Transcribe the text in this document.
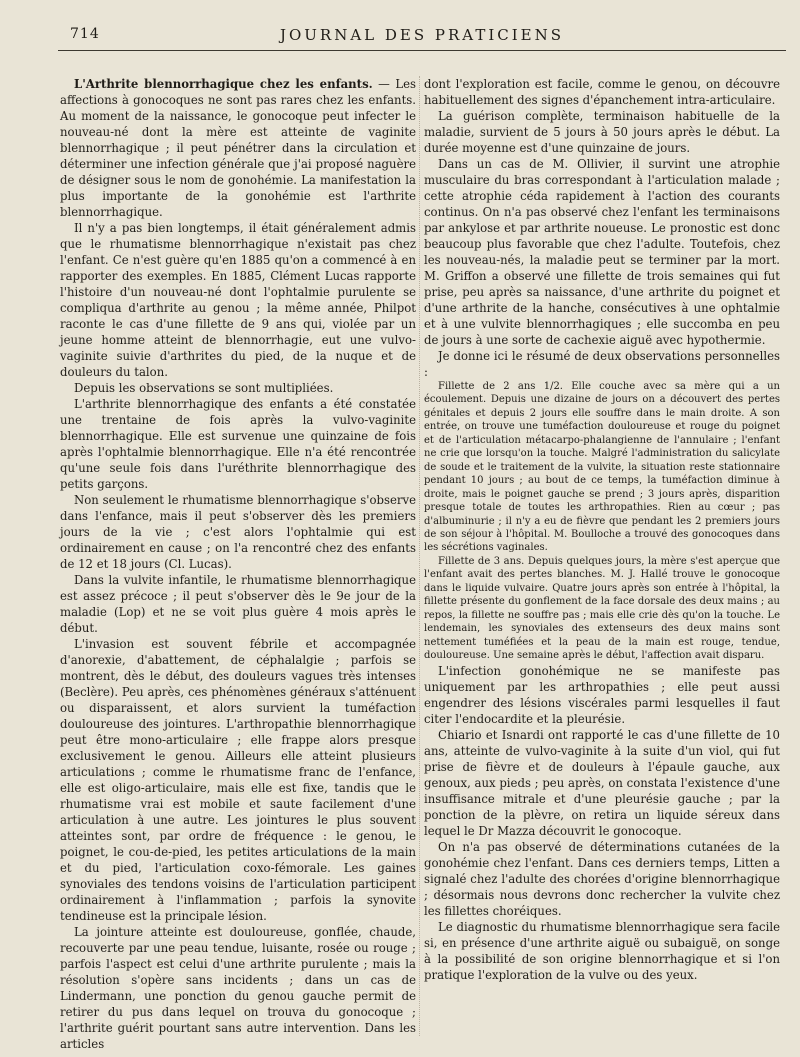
714	JOURNAL DES PRATICIENS

L'Arthrite blennorrhagique chez les enfants. — Les affections à gonocoques ne sont pas rares chez les enfants. Au moment de la naissance, le gonocoque peut infecter le nouveau-né dont la mère est atteinte de vaginite blennorrhagique ; il peut pénétrer dans la circulation et déterminer une infection générale que j'ai proposé naguère de désigner sous le nom de gonohémie. La manifestation la plus importante de la gonohémie est l'arthrite blennorrhagique.

Il n'y a pas bien longtemps, il était généralement admis que le rhumatisme blennorrhagique n'existait pas chez l'enfant. Ce n'est guère qu'en 1885 qu'on a commencé à en rapporter des exemples. En 1885, Clément Lucas rapporte l'histoire d'un nouveau-né dont l'ophtalmie purulente se compliqua d'arthrite au genou ; la même année, Philpot raconte le cas d'une fillette de 9 ans qui, violée par un jeune homme atteint de blennorrhagie, eut une vulvo-vaginite suivie d'arthrites du pied, de la nuque et de douleurs du talon.

Depuis les observations se sont multipliées.

L'arthrite blennorrhagique des enfants a été constatée une trentaine de fois après la vulvo-vaginite blennorrhagique. Elle est survenue une quinzaine de fois après l'ophtalmie blennorrhagique. Elle n'a été rencontrée qu'une seule fois dans l'uréthrite blennorrhagique des petits garçons.

Non seulement le rhumatisme blennorrhagique s'observe dans l'enfance, mais il peut s'observer dès les premiers jours de la vie ; c'est alors l'ophtalmie qui est ordinairement en cause ; on l'a rencontré chez des enfants de 12 et 18 jours (Cl. Lucas).

Dans la vulvite infantile, le rhumatisme blennorrhagique est assez précoce ; il peut s'observer dès le 9e jour de la maladie (Lop) et ne se voit plus guère 4 mois après le début.

L'invasion est souvent fébrile et accompagnée d'anorexie, d'abattement, de céphalalgie ; parfois se montrent, dès le début, des douleurs vagues très intenses (Beclère). Peu après, ces phénomènes généraux s'atténuent ou disparaissent, et alors survient la tuméfaction douloureuse des jointures. L'arthropathie blennorrhagique peut être mono-articulaire ; elle frappe alors presque exclusivement le genou. Ailleurs elle atteint plusieurs articulations ; comme le rhumatisme franc de l'enfance, elle est oligo-articulaire, mais elle est fixe, tandis que le rhumatisme vrai est mobile et saute facilement d'une articulation à une autre. Les jointures le plus souvent atteintes sont, par ordre de fréquence : le genou, le poignet, le cou-de-pied, les petites articulations de la main et du pied, l'articulation coxo-fémorale. Les gaines synoviales des tendons voisins de l'articulation participent ordinairement à l'inflammation ; parfois la synovite tendineuse est la principale lésion.

La jointure atteinte est douloureuse, gonflée, chaude, recouverte par une peau tendue, luisante, rosée ou rouge ; parfois l'aspect est celui d'une arthrite purulente ; mais la résolution s'opère sans incidents ; dans un cas de Lindermann, une ponction du genou gauche permit de retirer du pus dans lequel on trouva du gonocoque ; l'arthrite guérit pourtant sans autre intervention. Dans les articles

dont l'exploration est facile, comme le genou, on découvre habituellement des signes d'épanchement intra-articulaire.

La guérison complète, terminaison habituelle de la maladie, survient de 5 jours à 50 jours après le début. La durée moyenne est d'une quinzaine de jours.

Dans un cas de M. Ollivier, il survint une atrophie musculaire du bras correspondant à l'articulation malade ; cette atrophie céda rapidement à l'action des courants continus. On n'a pas observé chez l'enfant les terminaisons par ankylose et par arthrite noueuse. Le pronostic est donc beaucoup plus favorable que chez l'adulte. Toutefois, chez les nouveau-nés, la maladie peut se terminer par la mort. M. Griffon a observé une fillette de trois semaines qui fut prise, peu après sa naissance, d'une arthrite du poignet et d'une arthrite de la hanche, consécutives à une ophtalmie et à une vulvite blennorrhagiques ; elle succomba en peu de jours à une sorte de cachexie aiguë avec hypothermie.

Je donne ici le résumé de deux observations personnelles :

Fillette de 2 ans 1/2. Elle couche avec sa mère qui a un écoulement. Depuis une dizaine de jours on a découvert des pertes génitales et depuis 2 jours elle souffre dans le main droite. A son entrée, on trouve une tuméfaction douloureuse et rouge du poignet et de l'articulation métacarpo-phalangienne de l'annulaire ; l'enfant ne crie que lorsqu'on la touche. Malgré l'administration du salicylate de soude et le traitement de la vulvite, la situation reste stationnaire pendant 10 jours ; au bout de ce temps, la tuméfaction diminue à droite, mais le poignet gauche se prend ; 3 jours après, disparition presque totale de toutes les arthropathies. Rien au cœur ; pas d'albuminurie ; il n'y a eu de fièvre que pendant les 2 premiers jours de son séjour à l'hôpital. M. Boulloche a trouvé des gonocoques dans les sécrétions vaginales.

Fillette de 3 ans. Depuis quelques jours, la mère s'est aperçue que l'enfant avait des pertes blanches. M. J. Hallé trouve le gonocoque dans le liquide vulvaire. Quatre jours après son entrée à l'hôpital, la fillette présente du gonflement de la face dorsale des deux mains ; au repos, la fillette ne souffre pas ; mais elle crie dès qu'on la touche. Le lendemain, les synoviales des extenseurs des deux mains sont nettement tuméfiées et la peau de la main est rouge, tendue, douloureuse. Une semaine après le début, l'affection avait disparu.

L'infection gonohémique ne se manifeste pas uniquement par les arthropathies ; elle peut aussi engendrer des lésions viscérales parmi lesquelles il faut citer l'endocardite et la pleurésie.

Chiario et Isnardi ont rapporté le cas d'une fillette de 10 ans, atteinte de vulvo-vaginite à la suite d'un viol, qui fut prise de fièvre et de douleurs à l'épaule gauche, aux genoux, aux pieds ; peu après, on constata l'existence d'une insuffisance mitrale et d'une pleurésie gauche ; par la ponction de la plèvre, on retira un liquide séreux dans lequel le Dr Mazza découvrit le gonocoque.

On n'a pas observé de déterminations cutanées de la gonohémie chez l'enfant. Dans ces derniers temps, Litten a signalé chez l'adulte des chorées d'origine blennorrhagique ; désormais nous devrons donc rechercher la vulvite chez les fillettes choréiques.

Le diagnostic du rhumatisme blennorrhagique sera facile si, en présence d'une arthrite aiguë ou subaiguë, on songe à la possibilité de son origine blennorrhagique et si l'on pratique l'exploration de la vulve ou des yeux.
